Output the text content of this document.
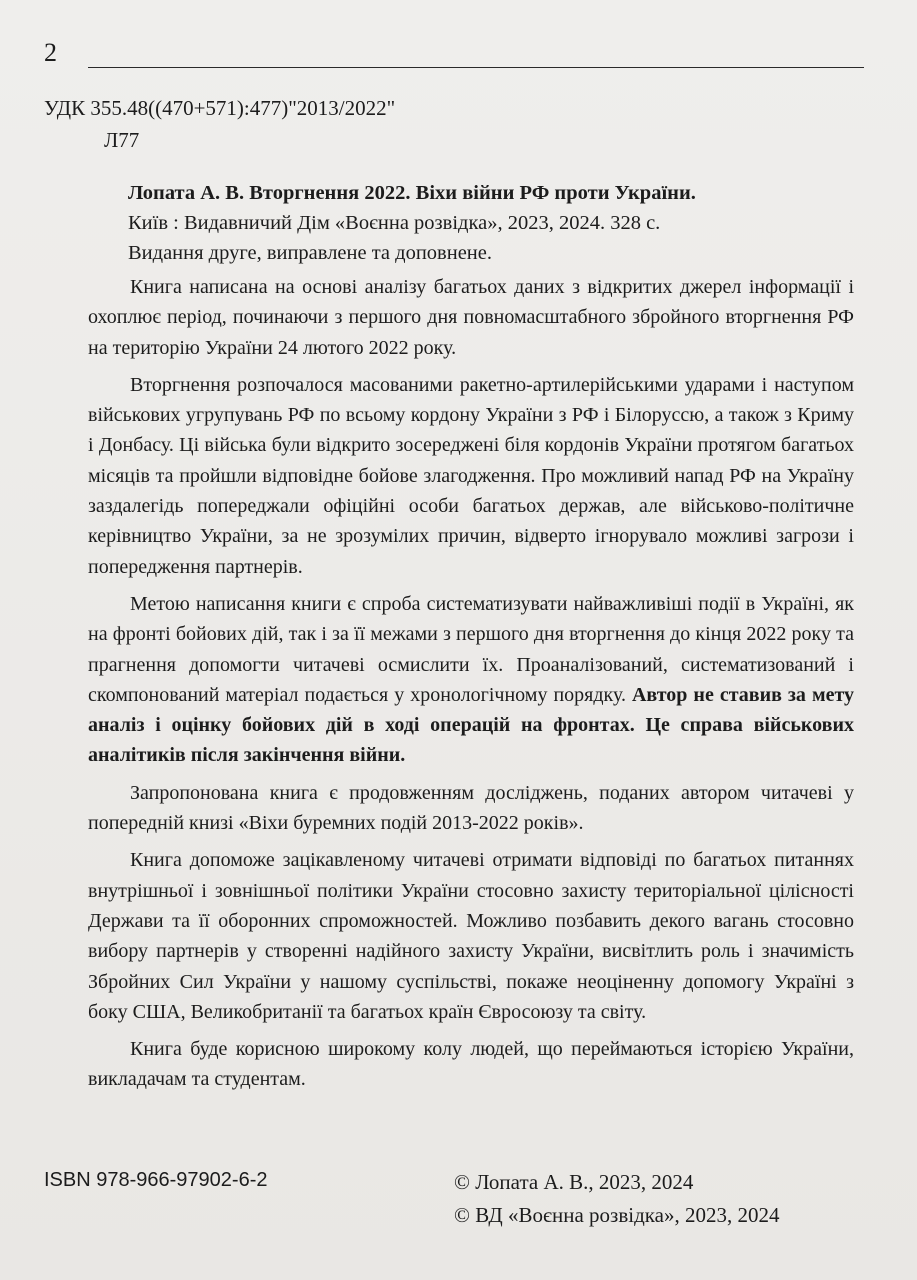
2
УДК 355.48((470+571):477)"2013/2022"
Л77
Лопата А. В. Вторгнення 2022. Віхи війни РФ проти України.
Київ : Видавничий Дім «Воєнна розвідка», 2023, 2024. 328 с.
Видання друге, виправлене та доповнене.

Книга написана на основі аналізу багатьох даних з відкритих джерел інформації і охоплює період, починаючи з першого дня повномасштабного збройного вторгнення РФ на територію України 24 лютого 2022 року.

Вторгнення розпочалося масованими ракетно-артилерійськими ударами і наступом військових угрупувань РФ по всьому кордону України з РФ і Білоруссю, а також з Криму і Донбасу. Ці війська були відкрито зосереджені біля кордонів України протягом багатьох місяців та пройшли відповідне бойове злагодження. Про можливий напад РФ на Україну заздалегідь попереджали офіційні особи багатьох держав, але військово-політичне керівництво України, за не зрозумілих причин, відверто ігнорувало можливі загрози і попередження партнерів.

Метою написання книги є спроба систематизувати найважливіші події в Україні, як на фронті бойових дій, так і за її межами з першого дня вторгнення до кінця 2022 року та прагнення допомогти читачеві осмислити їх. Проаналізований, систематизований і скомпонований матеріал подається у хронологічному порядку. Автор не ставив за мету аналіз і оцінку бойових дій в ході операцій на фронтах. Це справа військових аналітиків після закінчення війни.

Запропонована книга є продовженням досліджень, поданих автором читачеві у попередній книзі «Віхи буремних подій 2013-2022 років».

Книга допоможе зацікавленому читачеві отримати відповіді по багатьох питаннях внутрішньої і зовнішньої політики України стосовно захисту територіальної цілісності Держави та її оборонних спроможностей. Можливо позбавить декого вагань стосовно вибору партнерів у створенні надійного захисту України, висвітлить роль і значимість Збройних Сил України у нашому суспільстві, покаже неоціненну допомогу Україні з боку США, Великобританії та багатьох країн Євросоюзу та світу.

Книга буде корисною широкому колу людей, що переймаються історією України, викладачам та студентам.

ISBN 978-966-97902-6-2	© Лопата А. В., 2023, 2024
© ВД «Воєнна розвідка», 2023, 2024
